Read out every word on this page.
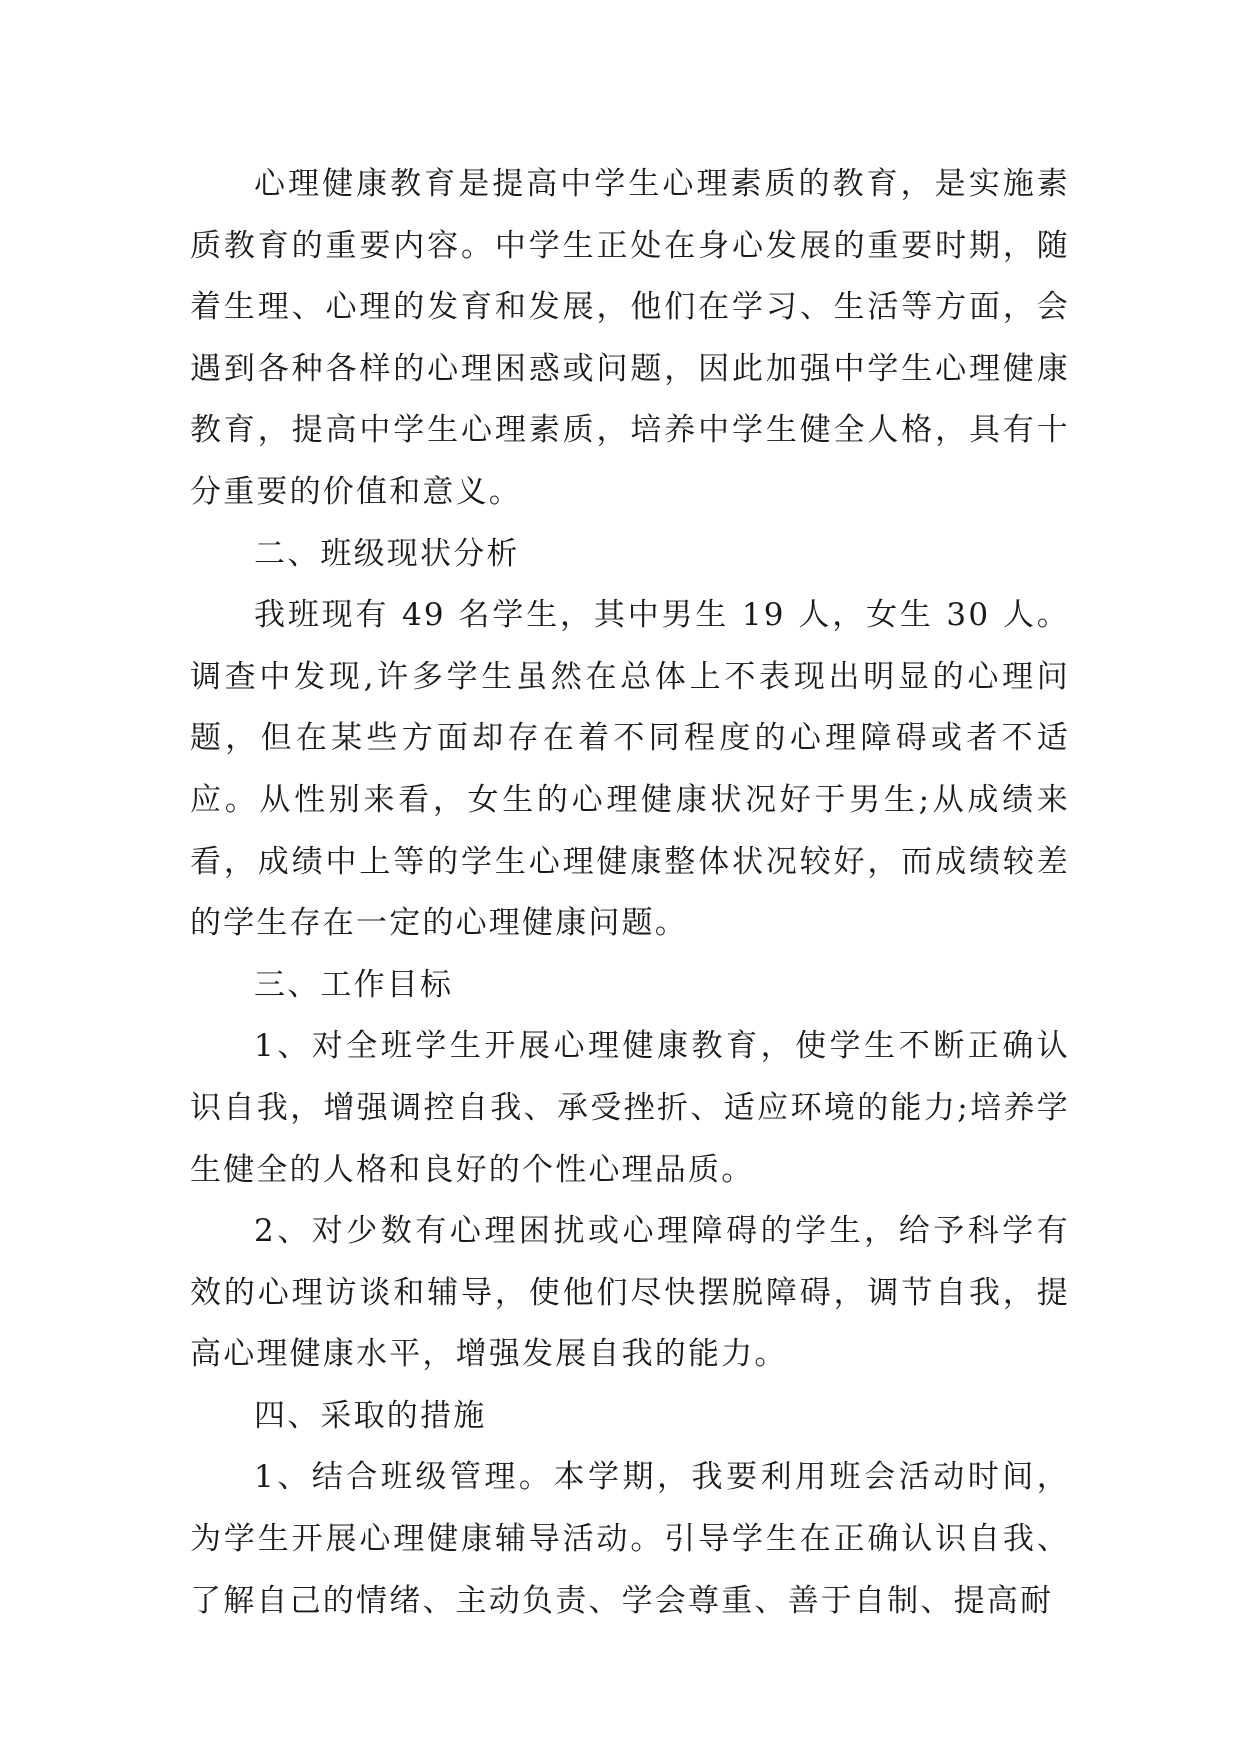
心理健康教育是提高中学生心理素质的教育，是实施素质教育的重要内容。中学生正处在身心发展的重要时期，随着生理、心理的发育和发展，他们在学习、生活等方面，会遇到各种各样的心理困惑或问题，因此加强中学生心理健康教育，提高中学生心理素质，培养中学生健全人格，具有十分重要的价值和意义。

二、班级现状分析

我班现有 49 名学生，其中男生 19 人，女生 30 人。调查中发现,许多学生虽然在总体上不表现出明显的心理问题，但在某些方面却存在着不同程度的心理障碍或者不适应。从性别来看，女生的心理健康状况好于男生;从成绩来看，成绩中上等的学生心理健康整体状况较好，而成绩较差的学生存在一定的心理健康问题。

三、工作目标

1、对全班学生开展心理健康教育，使学生不断正确认识自我，增强调控自我、承受挫折、适应环境的能力;培养学生健全的人格和良好的个性心理品质。

2、对少数有心理困扰或心理障碍的学生，给予科学有效的心理访谈和辅导，使他们尽快摆脱障碍，调节自我，提高心理健康水平，增强发展自我的能力。

四、采取的措施

1、结合班级管理。本学期，我要利用班会活动时间，为学生开展心理健康辅导活动。引导学生在正确认识自我、了解自己的情绪、主动负责、学会尊重、善于自制、提高耐
